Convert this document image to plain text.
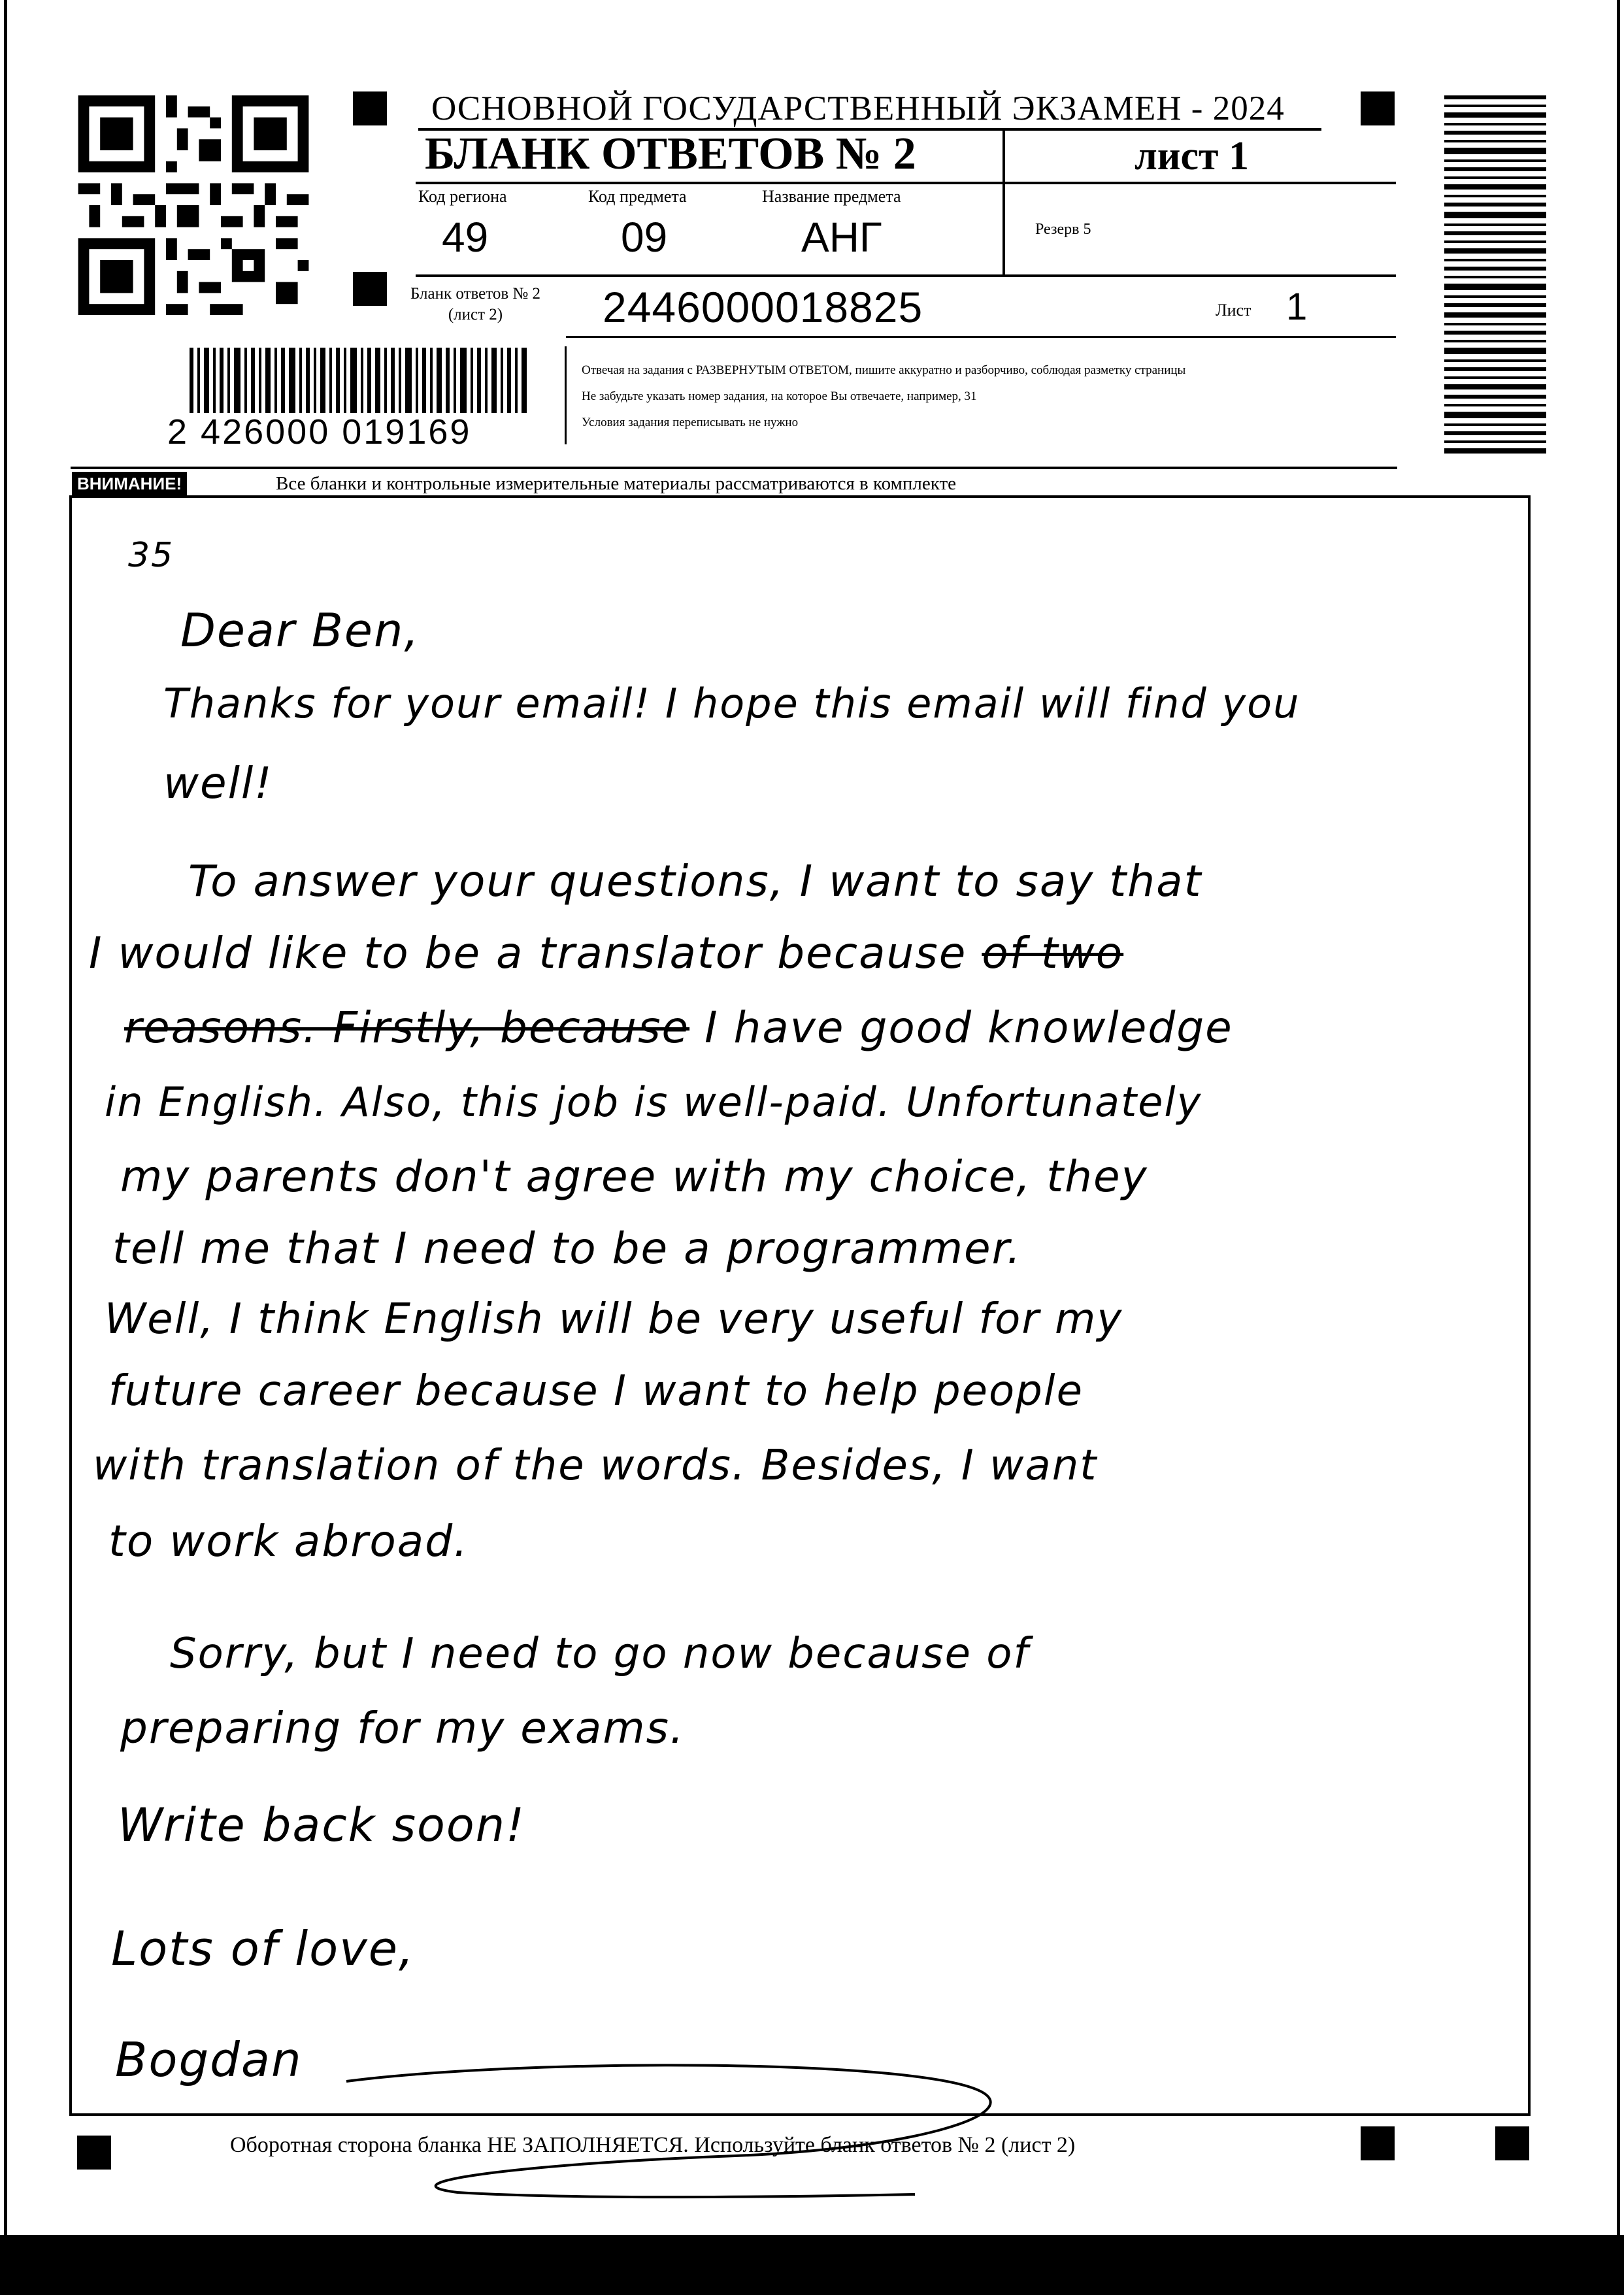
ОСНОВНОЙ ГОСУДАРСТВЕННЫЙ ЭКЗАМЕН - 2024
БЛАНК ОТВЕТОВ № 2	лист 1
Код региона	Код предмета	Название предмета
49	09	АНГ	Резерв 5
Бланк ответов № 2
(лист 2)	2446000018825	Лист 1
2 426000 019169
Отвечая на задания с РАЗВЕРНУТЫМ ОТВЕТОМ, пишите аккуратно и разборчиво, соблюдая разметку страницы
Не забудьте указать номер задания, на которое Вы отвечаете, например, 31
Условия задания переписывать не нужно
ВНИМАНИЕ!	Все бланки и контрольные измерительные материалы рассматриваются в комплекте
35
Dear Ben,
Thanks for your email! I hope this email will find you
well!
To answer your questions, I want to say that
I would like to be a translator because of two
reasons. Firstly, because I have good knowledge
in English. Also, this job is well-paid. Unfortunately
my parents don't agree with my choice, they
tell me that I need to be a programmer.
Well, I think English will be very useful for my
future career because I want to help people
with translation of the words. Besides, I want
to work abroad.
Sorry, but I need to go now because of
preparing for my exams.
Write back soon!
Lots of love,
Bogdan
Оборотная сторона бланка НЕ ЗАПОЛНЯЕТСЯ. Используйте бланк ответов № 2 (лист 2)
